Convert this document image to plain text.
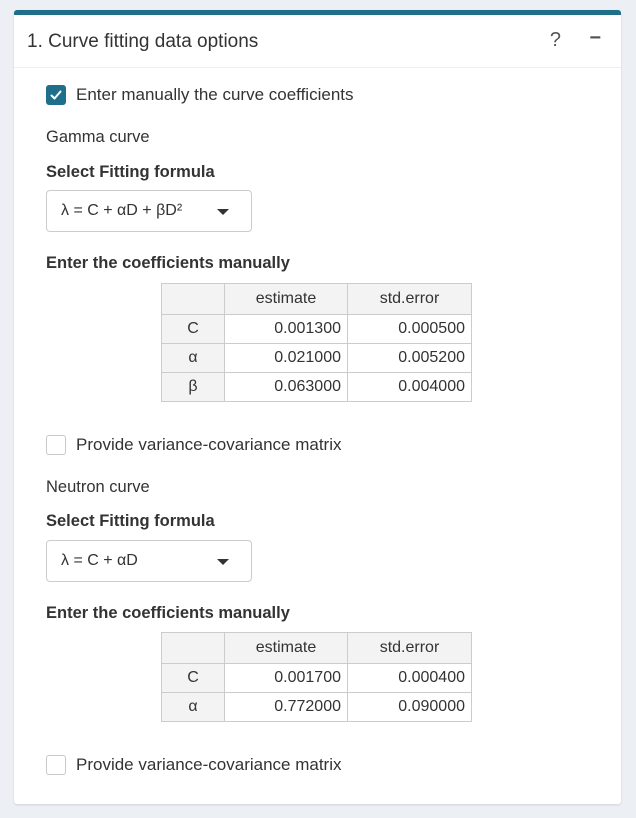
1. Curve fitting data options	? −
Enter manually the curve coefficients
Gamma curve
Select Fitting formula
λ = C + αD + βD²
Enter the coefficients manually
	estimate	std.error
C	0.001300	0.000500
α	0.021000	0.005200
β	0.063000	0.004000
Provide variance-covariance matrix
Neutron curve
Select Fitting formula
λ = C + αD
Enter the coefficients manually
	estimate	std.error
C	0.001700	0.000400
α	0.772000	0.090000
Provide variance-covariance matrix
